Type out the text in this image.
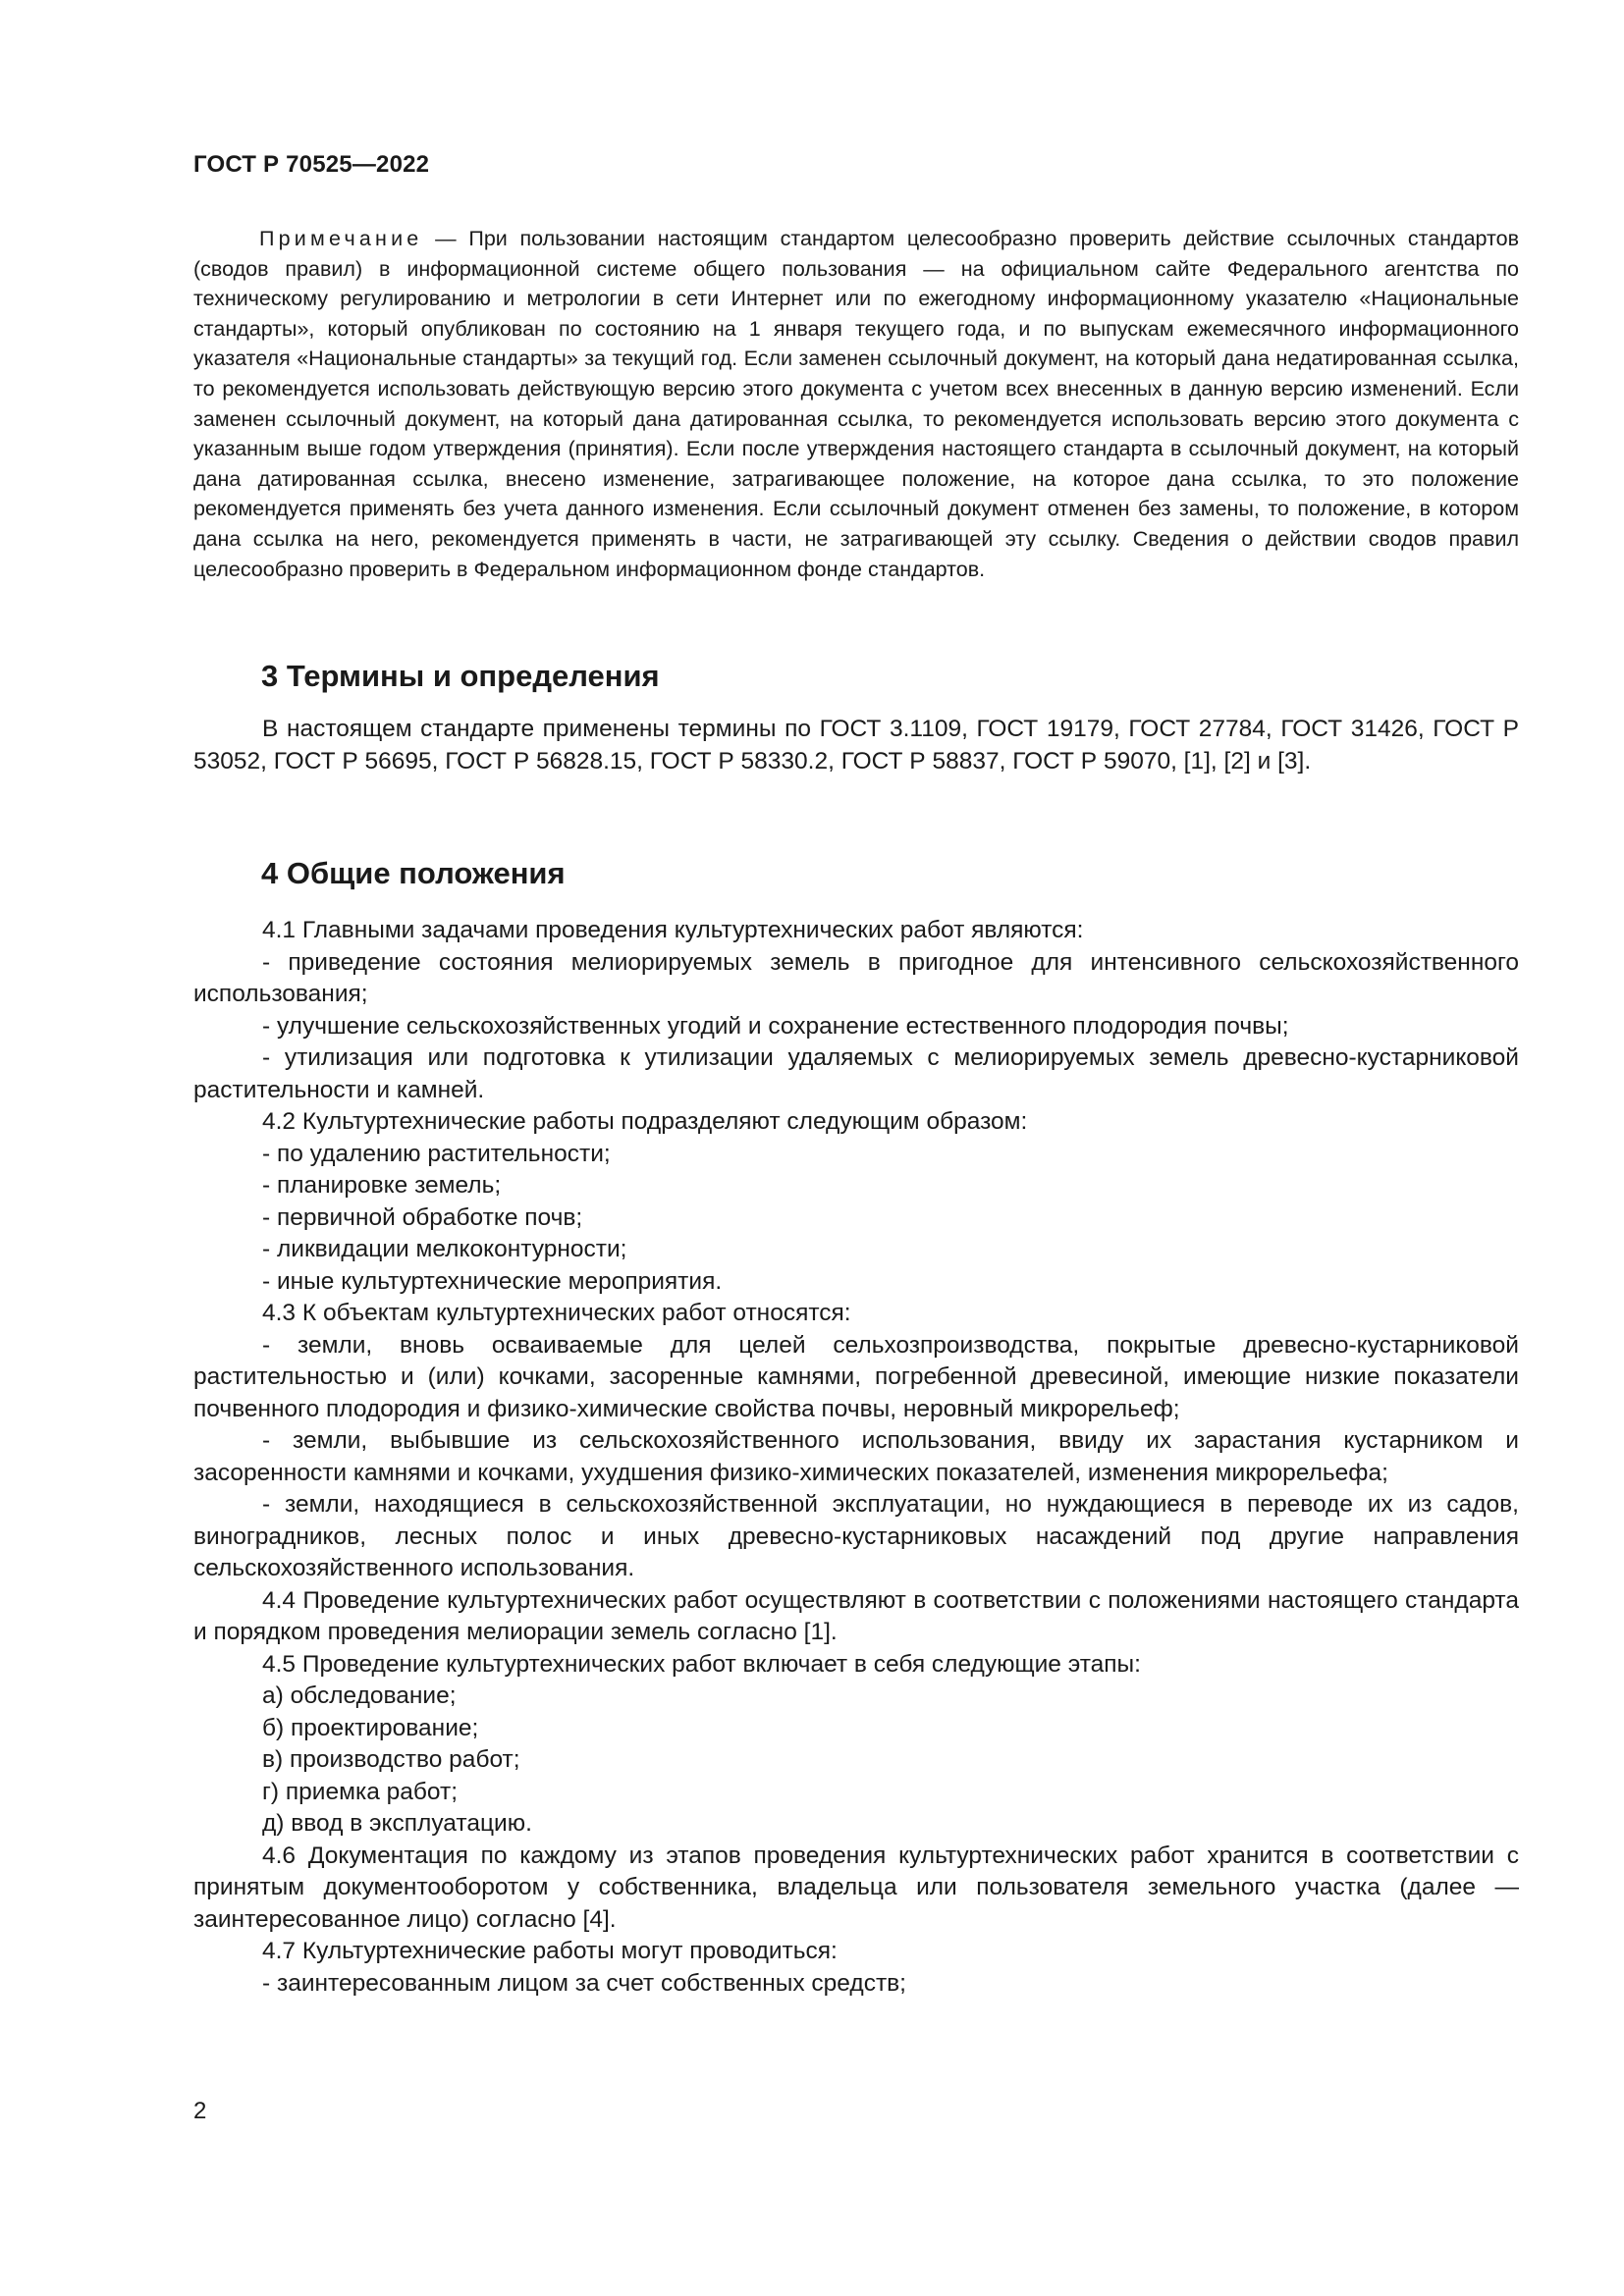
ГОСТ Р 70525—2022
Примечание — При пользовании настоящим стандартом целесообразно проверить действие ссылочных стандартов (сводов правил) в информационной системе общего пользования — на официальном сайте Федерального агентства по техническому регулированию и метрологии в сети Интернет или по ежегодному информационному указателю «Национальные стандарты», который опубликован по состоянию на 1 января текущего года, и по выпускам ежемесячного информационного указателя «Национальные стандарты» за текущий год. Если заменен ссылочный документ, на который дана недатированная ссылка, то рекомендуется использовать действующую версию этого документа с учетом всех внесенных в данную версию изменений. Если заменен ссылочный документ, на который дана датированная ссылка, то рекомендуется использовать версию этого документа с указанным выше годом утверждения (принятия). Если после утверждения настоящего стандарта в ссылочный документ, на который дана датированная ссылка, внесено изменение, затрагивающее положение, на которое дана ссылка, то это положение рекомендуется применять без учета данного изменения. Если ссылочный документ отменен без замены, то положение, в котором дана ссылка на него, рекомендуется применять в части, не затрагивающей эту ссылку. Сведения о действии сводов правил целесообразно проверить в Федеральном информационном фонде стандартов.
3 Термины и определения

В настоящем стандарте применены термины по ГОСТ 3.1109, ГОСТ 19179, ГОСТ 27784, ГОСТ 31426, ГОСТ Р 53052, ГОСТ Р 56695, ГОСТ Р 56828.15, ГОСТ Р 58330.2, ГОСТ Р 58837, ГОСТ Р 59070, [1], [2] и [3].

4 Общие положения

4.1 Главными задачами проведения культуртехнических работ являются:

- приведение состояния мелиорируемых земель в пригодное для интенсивного сельскохозяйственного использования;

- улучшение сельскохозяйственных угодий и сохранение естественного плодородия почвы;

- утилизация или подготовка к утилизации удаляемых с мелиорируемых земель древесно-кустарниковой растительности и камней.

4.2 Культуртехнические работы подразделяют следующим образом:

- по удалению растительности;

- планировке земель;

- первичной обработке почв;

- ликвидации мелкоконтурности;

- иные культуртехнические мероприятия.

4.3 К объектам культуртехнических работ относятся:

- земли, вновь осваиваемые для целей сельхозпроизводства, покрытые древесно-кустарниковой растительностью и (или) кочками, засоренные камнями, погребенной древесиной, имеющие низкие показатели почвенного плодородия и физико-химические свойства почвы, неровный микрорельеф;

- земли, выбывшие из сельскохозяйственного использования, ввиду их зарастания кустарником и засоренности камнями и кочками, ухудшения физико-химических показателей, изменения микрорельефа;

- земли, находящиеся в сельскохозяйственной эксплуатации, но нуждающиеся в переводе их из садов, виноградников, лесных полос и иных древесно-кустарниковых насаждений под другие направления сельскохозяйственного использования.

4.4 Проведение культуртехнических работ осуществляют в соответствии с положениями настоящего стандарта и порядком проведения мелиорации земель согласно [1].

4.5 Проведение культуртехнических работ включает в себя следующие этапы:

а) обследование;

б) проектирование;

в) производство работ;

г) приемка работ;

д) ввод в эксплуатацию.

4.6 Документация по каждому из этапов проведения культуртехнических работ хранится в соответствии с принятым документооборотом у собственника, владельца или пользователя земельного участка (далее — заинтересованное лицо) согласно [4].

4.7 Культуртехнические работы могут проводиться:

- заинтересованным лицом за счет собственных средств;

2
